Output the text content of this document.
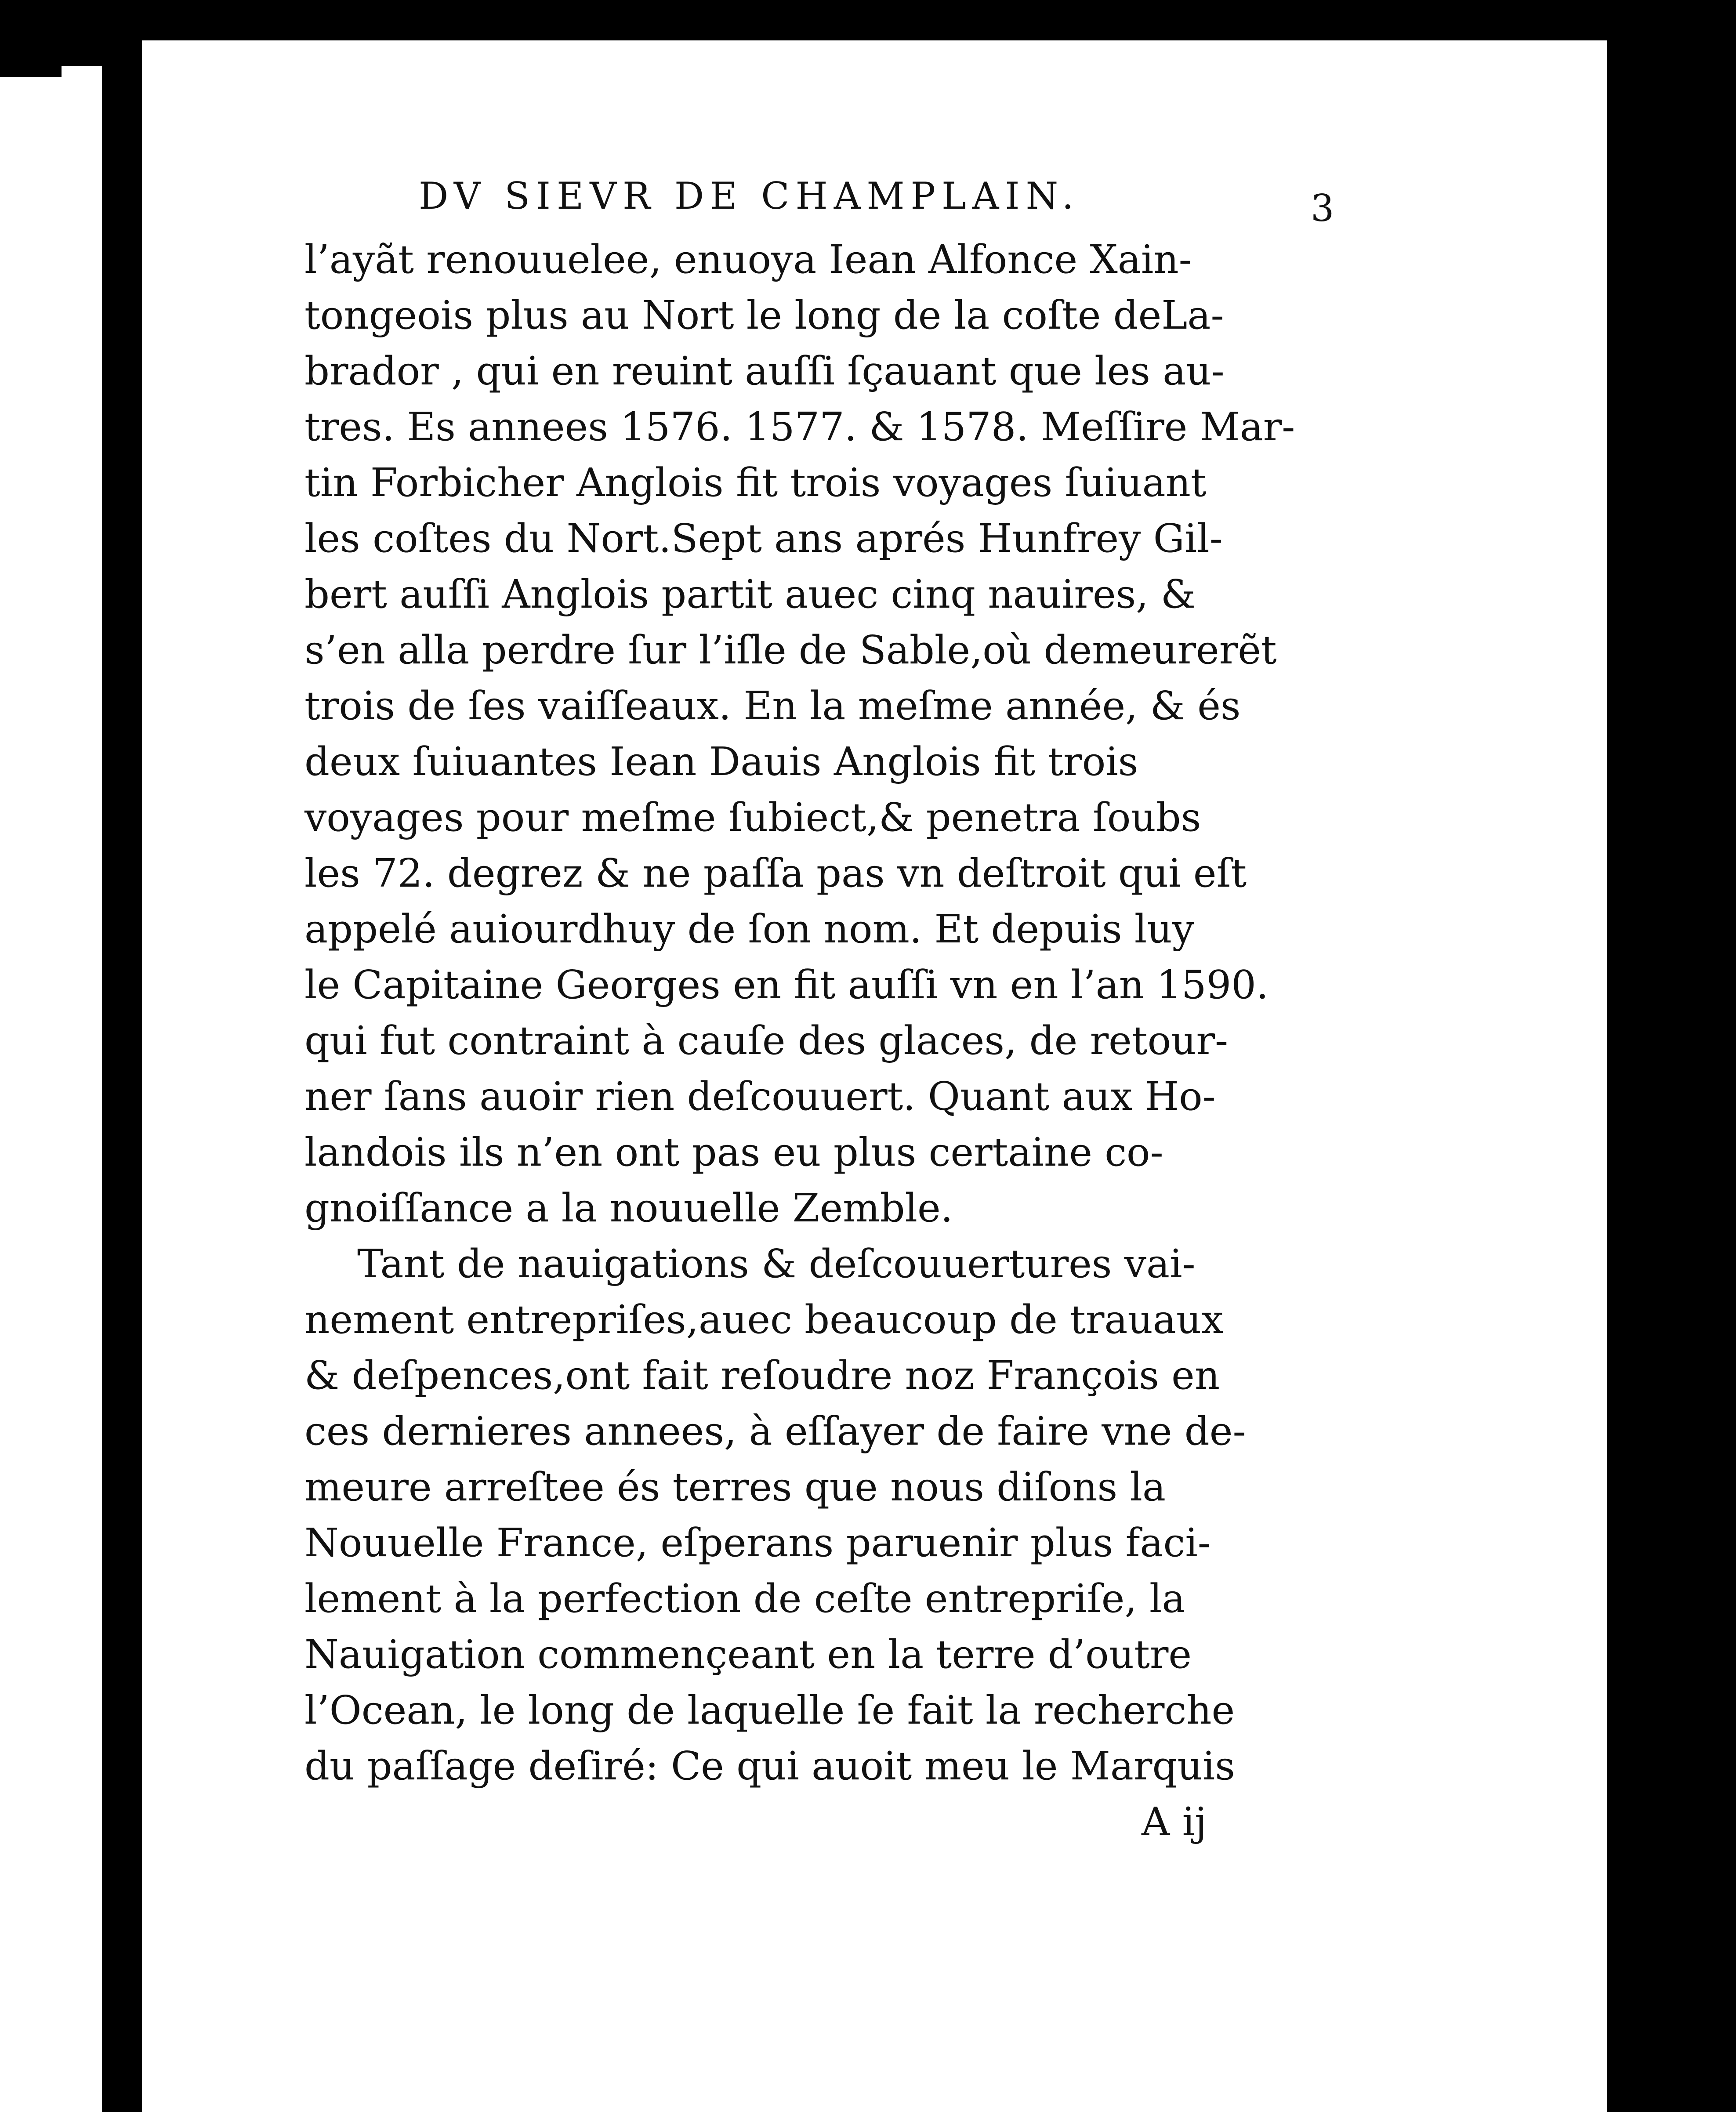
DV SIEVR DE CHAMPLAIN.	3
l’ayãt renouuelee, enuoya Iean Alfonce Xain-
tongeois plus au Nort le long de la coſte deLa-
brador , qui en reuint auſſi ſçauant que les au-
tres. Es annees 1576. 1577. & 1578. Meſſire Mar-
tin Forbicher Anglois fit trois voyages ſuiuant
les coſtes du Nort.Sept ans aprés Hunfrey Gil-
bert auſſi Anglois partit auec cinq nauires, &
s’en alla perdre ſur l’iſle de Sable,où demeurerẽt
trois de ſes vaiſſeaux. En la meſme année, & és
deux ſuiuantes Iean Dauis Anglois fit trois
voyages pour meſme ſubiect,& penetra ſoubs
les 72. degrez & ne paſſa pas vn deſtroit qui eſt
appelé auiourdhuy de ſon nom. Et depuis luy
le Capitaine Georges en fit auſſi vn en l’an 1590.
qui fut contraint à cauſe des glaces, de retour-
ner ſans auoir rien deſcouuert. Quant aux Ho-
landois ils n’en ont pas eu plus certaine co-
gnoiſſance a la nouuelle Zemble.
Tant de nauigations & deſcouuertures vai-
nement entrepriſes,auec beaucoup de trauaux
& deſpences,ont fait reſoudre noz François en
ces dernieres annees, à eſſayer de faire vne de-
meure arreſtee és terres que nous diſons la
Nouuelle France, eſperans paruenir plus faci-
lement à la perfection de ceſte entrepriſe, la
Nauigation commençeant en la terre d’outre
l’Ocean, le long de laquelle ſe fait la recherche
du paſſage deſiré: Ce qui auoit meu le Marquis
A ij
